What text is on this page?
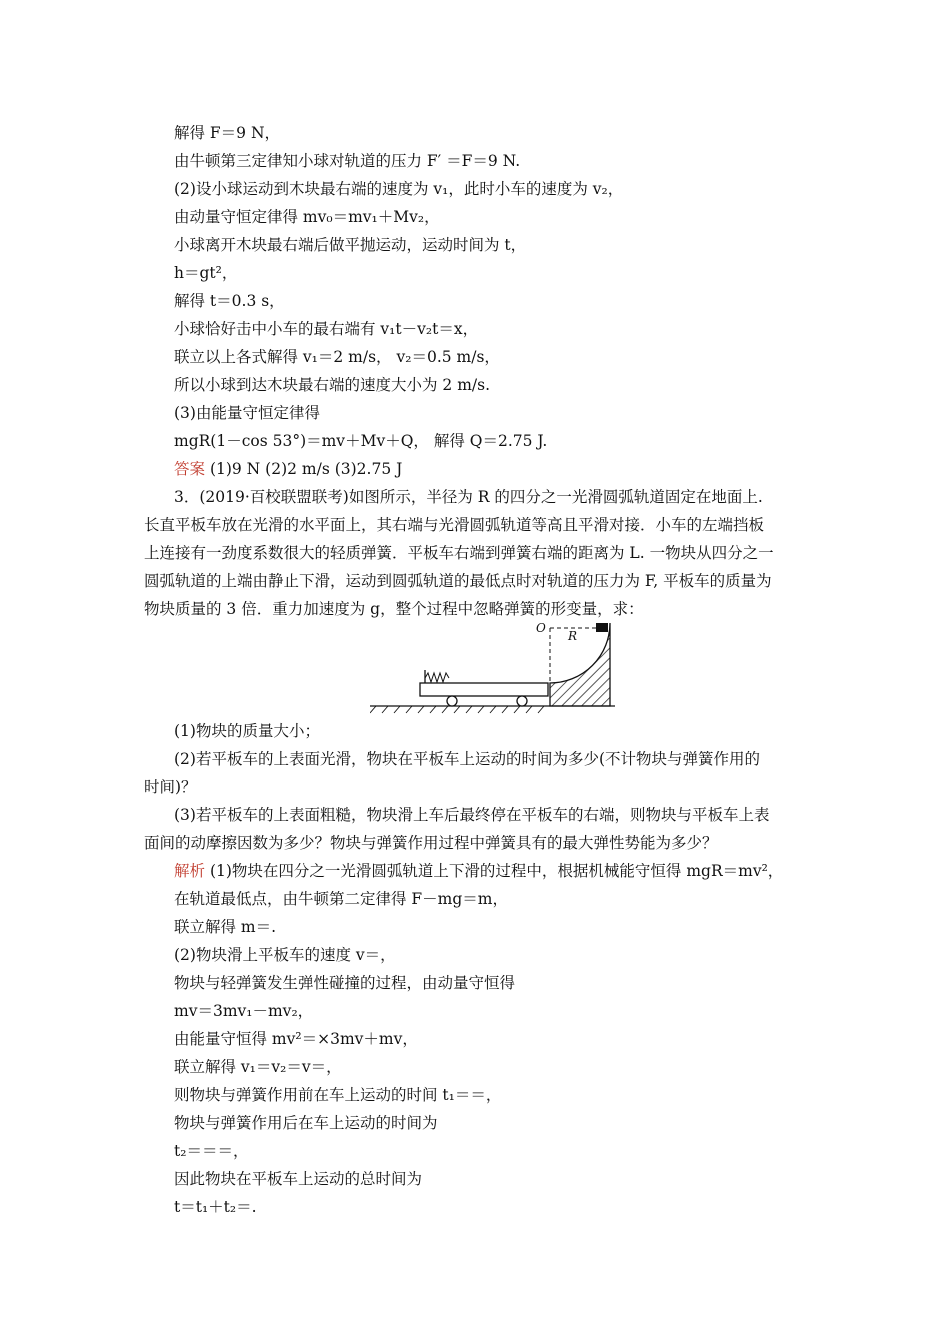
解得 F＝9 N，
由牛顿第三定律知小球对轨道的压力 F′ ＝F＝9 N.
(2)设小球运动到木块最右端的速度为 v₁，此时小车的速度为 v₂，
由动量守恒定律得 mv₀＝mv₁＋Mv₂，
小球离开木块最右端后做平抛运动，运动时间为 t，
h＝gt²，
解得 t＝0.3 s，
小球恰好击中小车的最右端有 v₁t－v₂t＝x，
联立以上各式解得 v₁＝2 m/s， v₂＝0.5 m/s，
所以小球到达木块最右端的速度大小为 2 m/s.
(3)由能量守恒定律得
mgR(1－cos 53°)＝mv＋Mv＋Q， 解得 Q＝2.75 J.
答案 (1)9 N (2)2 m/s (3)2.75 J
3．(2019·百校联盟联考)如图所示，半径为 R 的四分之一光滑圆弧轨道固定在地面上.
长直平板车放在光滑的水平面上，其右端与光滑圆弧轨道等高且平滑对接．小车的左端挡板
上连接有一劲度系数很大的轻质弹簧．平板车右端到弹簧右端的距离为 L. 一物块从四分之一
圆弧轨道的上端由静止下滑，运动到圆弧轨道的最低点时对轨道的压力为 F, 平板车的质量为
物块质量的 3 倍．重力加速度为 g，整个过程中忽略弹簧的形变量，求：
O
R
(1)物块的质量大小；
(2)若平板车的上表面光滑，物块在平板车上运动的时间为多少(不计物块与弹簧作用的
时间)？
(3)若平板车的上表面粗糙，物块滑上车后最终停在平板车的右端，则物块与平板车上表
面间的动摩擦因数为多少？物块与弹簧作用过程中弹簧具有的最大弹性势能为多少？
解析 (1)物块在四分之一光滑圆弧轨道上下滑的过程中，根据机械能守恒得 mgR＝mv²，
在轨道最低点，由牛顿第二定律得 F－mg＝m，
联立解得 m＝.
(2)物块滑上平板车的速度 v＝，
物块与轻弹簧发生弹性碰撞的过程，由动量守恒得
mv＝3mv₁－mv₂，
由能量守恒得 mv²＝×3mv＋mv，
联立解得 v₁＝v₂＝v＝，
则物块与弹簧作用前在车上运动的时间 t₁＝＝，
物块与弹簧作用后在车上运动的时间为
t₂＝＝＝，
因此物块在平板车上运动的总时间为
t＝t₁＋t₂＝.
